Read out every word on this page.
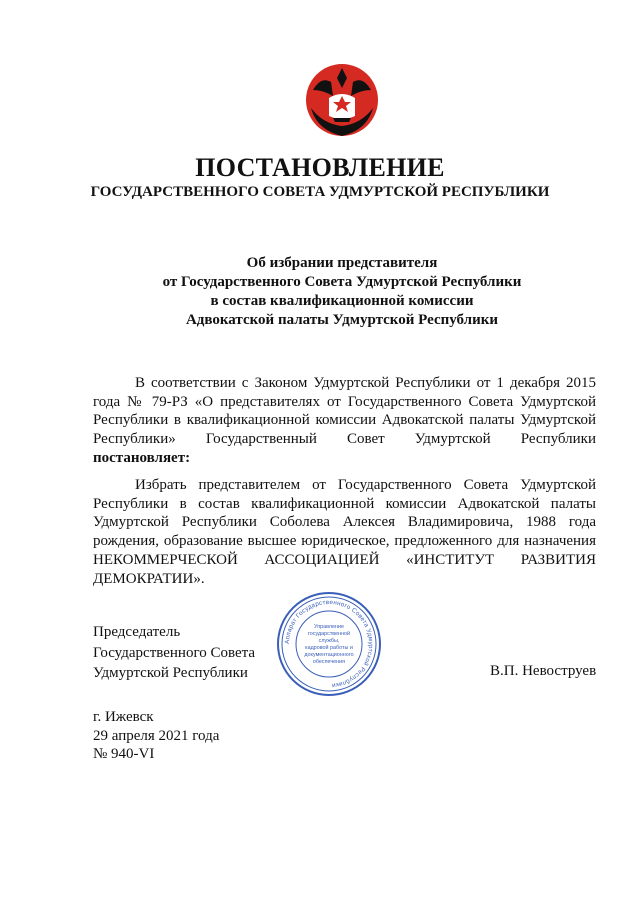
ПОСТАНОВЛЕНИЕ
ГОСУДАРСТВЕННОГО СОВЕТА УДМУРТСКОЙ РЕСПУБЛИКИ
Об избрании представителя
от Государственного Совета Удмуртской Республики
в состав квалификационной комиссии
Адвокатской палаты Удмуртской Республики
В соответствии с Законом Удмуртской Республики от 1 декабря 2015
года № 79-РЗ «О представителях от Государственного Совета Удмуртской
Республики в квалификационной комиссии Адвокатской палаты Удмуртской
Республики» Государственный Совет Удмуртской Республики
постановляет:
Избрать представителем от Государственного Совета Удмуртской
Республики в состав квалификационной комиссии Адвокатской палаты
Удмуртской Республики Соболева Алексея Владимировича, 1988 года
рождения, образование высшее юридическое, предложенного для назначения
НЕКОММЕРЧЕСКОЙ АССОЦИАЦИЕЙ «ИНСТИТУТ РАЗВИТИЯ
ДЕМОКРАТИИ».
Председатель
Государственного Совета
Удмуртской Республики
Аппарат Государственного Совета Удмуртской Республики
Управление
государственной
службы,
кадровой работы и
документационного
обеспечения
В.П. Невоструев
г. Ижевск
29 апреля 2021 года
№ 940-VI
